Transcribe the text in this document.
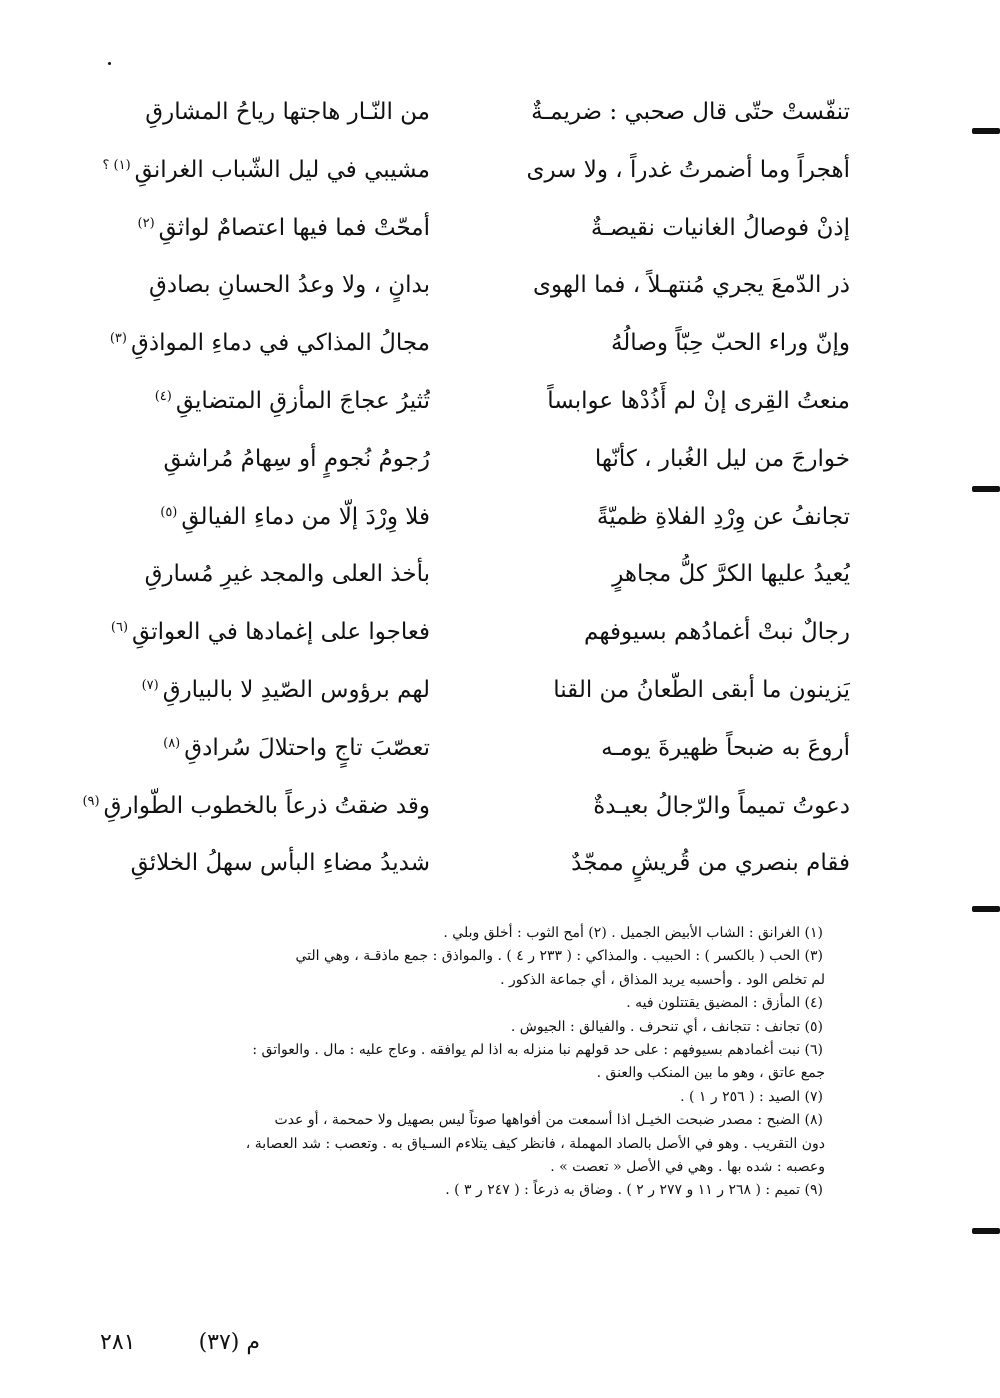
تنفّستْ حتّى قال صحبي : ضريمـةٌ
من النّـار هاجتها رياحُ المشارقِ
أهجراً وما أضمرتُ غدراً ، ولا سرى
مشيبي في ليل الشّباب الغرانقِ$^{(١) ؟}$
إذنْ فوصالُ الغانيات نقيصـةٌ
أمحّتْ فما فيها اعتصامٌ لواثقِ$^{(٢)}$
ذر الدّمعَ يجري مُنتهـلاً ، فما الهوى
بدانٍ ، ولا وعدُ الحسانِ بصادقِ
وإنّ وراء الحبّ حِبّاً وصالُهُ
مجالُ المذاكي في دماءِ المواذقِ$^{(٣)}$
منعتُ القِرى إنْ لم أَذُدْها عوابساً
تُثيرُ عجاجَ المأزقِ المتضايقِ$^{(٤)}$
خوارجَ من ليل الغُبار ، كأنّها
رُجومُ نُجومٍ أو سِهامُ مُراشقِ
تجانفُ عن وِرْدِ الفلاةِ ظميّةً
فلا وِرْدَ إلّا من دماءِ الفيالقِ$^{(٥)}$
يُعيدُ عليها الكرَّ كلُّ مجاهرٍ
بأخذ العلى والمجد غيرِ مُسارقِ
رجالٌ نبتْ أغمادُهم بسيوفهم
فعاجوا على إغمادها في العواتقِ$^{(٦)}$
يَزينون ما أبقى الطّعانُ من القنا
لهم برؤوس الصّيدِ لا بالبيارقِ$^{(٧)}$
أروعَ به ضبحاً ظهيرةَ يومـه
تعصّبَ تاجٍ واحتلالَ سُرادقِ$^{(٨)}$
دعوتُ تميماً والرّجالُ بعيـدةٌ
وقد ضقتُ ذرعاً بالخطوب الطّوارقِ$^{(٩)}$
فقام بنصري من قُريشٍ ممجّدٌ
شديدُ مضاءِ البأس سهلُ الخلائقِ
(١) الغرانق : الشاب الأبيض الجميل . (٢) أمح الثوب : أخلق وبلي .
(٣) الحب ( بالكسر ) : الحبيب . والمذاكي : ( ٢٣٣ ر ٤ ) . والمواذق : جمع ماذقـة ، وهي التي
لم تخلص الود . وأحسبه يريد المذاق ، أي جماعة الذكور .
(٤) المأزق : المضيق يقتتلون فيه .
(٥) تجانف : تتجانف ، أي تنحرف . والفيالق : الجيوش .
(٦) نبت أغمادهم بسيوفهم : على حد قولهم نبا منزله به اذا لم يوافقه . وعاج عليه : مال . والعواتق :
جمع عاتق ، وهو ما بين المنكب والعنق .
(٧) الصيد : ( ٢٥٦ ر ١ ) .
(٨) الضبح : مصدر ضبحت الخيـل اذا أسمعت من أفواهها صوتاً ليس بصهيل ولا حمحمة ، أو عدت
دون التقريب . وهو في الأصل بالصاد المهملة ، فانظر كيف يتلاءم السـياق به . وتعصب : شد العصابة ،
وعصبه : شده بها . وهي في الأصل « تعصت » .
(٩) تميم : ( ٢٦٨ ر ١١ و ٢٧٧ ر ٢ ) . وضاق به ذرعاً : ( ٢٤٧ ر ٣ ) .
م (٣٧)
٢٨١
